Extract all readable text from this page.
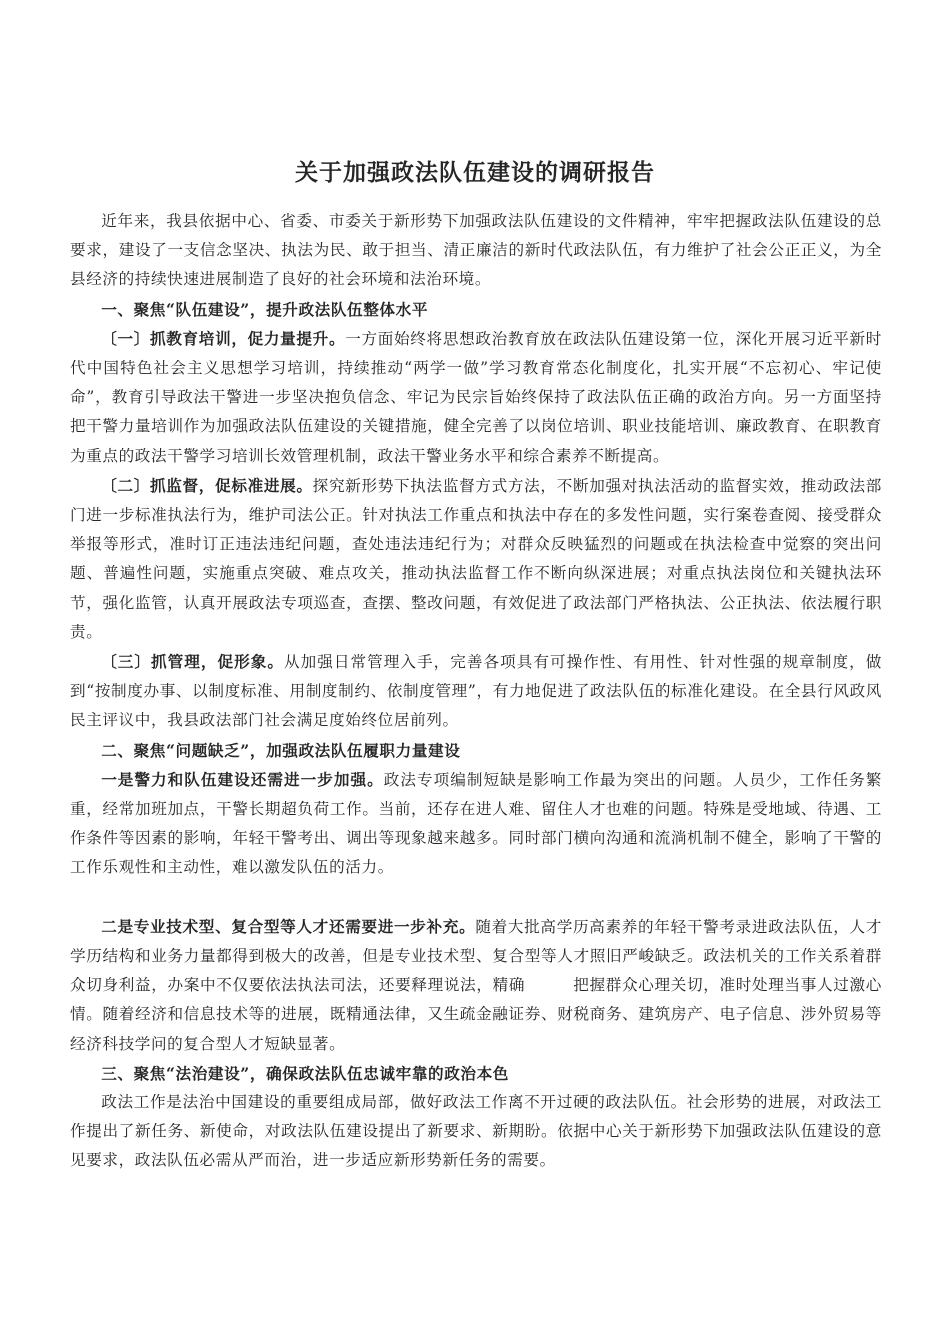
关于加强政法队伍建设的调研报告

近年来，我县依据中心、省委、市委关于新形势下加强政法队伍建设的文件精神，牢牢把握政法队伍建设的总要求，建设了一支信念坚决、执法为民、敢于担当、清正廉洁的新时代政法队伍，有力维护了社会公正正义，为全县经济的持续快速进展制造了良好的社会环境和法治环境。

一、聚焦“队伍建设”，提升政法队伍整体水平

〔一〕抓教育培训，促力量提升。一方面始终将思想政治教育放在政法队伍建设第一位，深化开展习近平新时代中国特色社会主义思想学习培训，持续推动“两学一做”学习教育常态化制度化，扎实开展“不忘初心、牢记使命”，教育引导政法干警进一步坚决抱负信念、牢记为民宗旨始终保持了政法队伍正确的政治方向。另一方面坚持把干警力量培训作为加强政法队伍建设的关键措施，健全完善了以岗位培训、职业技能培训、廉政教育、在职教育为重点的政法干警学习培训长效管理机制，政法干警业务水平和综合素养不断提高。

〔二〕抓监督，促标准进展。探究新形势下执法监督方式方法，不断加强对执法活动的监督实效，推动政法部门进一步标准执法行为，维护司法公正。针对执法工作重点和执法中存在的多发性问题，实行案卷查阅、接受群众举报等形式，准时订正违法违纪问题，查处违法违纪行为；对群众反映猛烈的问题或在执法检查中觉察的突出问题、普遍性问题，实施重点突破、难点攻关，推动执法监督工作不断向纵深进展；对重点执法岗位和关键执法环节，强化监管，认真开展政法专项巡查，查摆、整改问题，有效促进了政法部门严格执法、公正执法、依法履行职责。

〔三〕抓管理，促形象。从加强日常管理入手，完善各项具有可操作性、有用性、针对性强的规章制度，做到“按制度办事、以制度标准、用制度制约、依制度管理”，有力地促进了政法队伍的标准化建设。在全县行风政风民主评议中，我县政法部门社会满足度始终位居前列。

二、聚焦“问题缺乏”，加强政法队伍履职力量建设

一是警力和队伍建设还需进一步加强。政法专项编制短缺是影响工作最为突出的问题。人员少，工作任务繁重，经常加班加点，干警长期超负荷工作。当前，还存在进人难、留住人才也难的问题。特殊是受地域、待遇、工作条件等因素的影响，年轻干警考出、调出等现象越来越多。同时部门横向沟通和流淌机制不健全，影响了干警的工作乐观性和主动性，难以激发队伍的活力。

二是专业技术型、复合型等人才还需要进一步补充。随着大批高学历高素养的年轻干警考录进政法队伍，人才学历结构和业务力量都得到极大的改善，但是专业技术型、复合型等人才照旧严峻缺乏。政法机关的工作关系着群众切身利益，办案中不仅要依法执法司法，还要释理说法，精确	把握群众心理关切，准时处理当事人过激心情。随着经济和信息技术等的进展，既精通法律，又生疏金融证券、财税商务、建筑房产、电子信息、涉外贸易等经济科技学问的复合型人才短缺显著。

三、聚焦“法治建设”，确保政法队伍忠诚牢靠的政治本色

政法工作是法治中国建设的重要组成局部，做好政法工作离不开过硬的政法队伍。社会形势的进展，对政法工作提出了新任务、新使命，对政法队伍建设提出了新要求、新期盼。依据中心关于新形势下加强政法队伍建设的意见要求，政法队伍必需从严而治，进一步适应新形势新任务的需要。
